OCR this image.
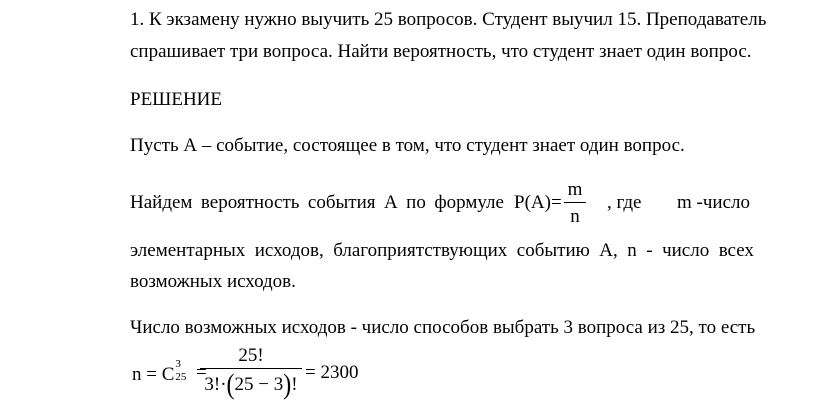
1. К экзамену нужно выучить 25 вопросов. Студент выучил 15. Преподаватель
спрашивает три вопроса. Найти вероятность, что студент знает один вопрос.
РЕШЕНИЕ
Пусть А – событие, состоящее в том, что студент знает один вопрос.
Найдем вероятность события А по формуле P(A)=
m
n
, где m -число
элементарных исходов, благоприятствующих событию А, n - число всех
возможных исходов.
Число возможных исходов - число способов выбрать 3 вопроса из 25, то есть
n = C 3
25 =
25!
3!·(25 − 3)!
= 2300
